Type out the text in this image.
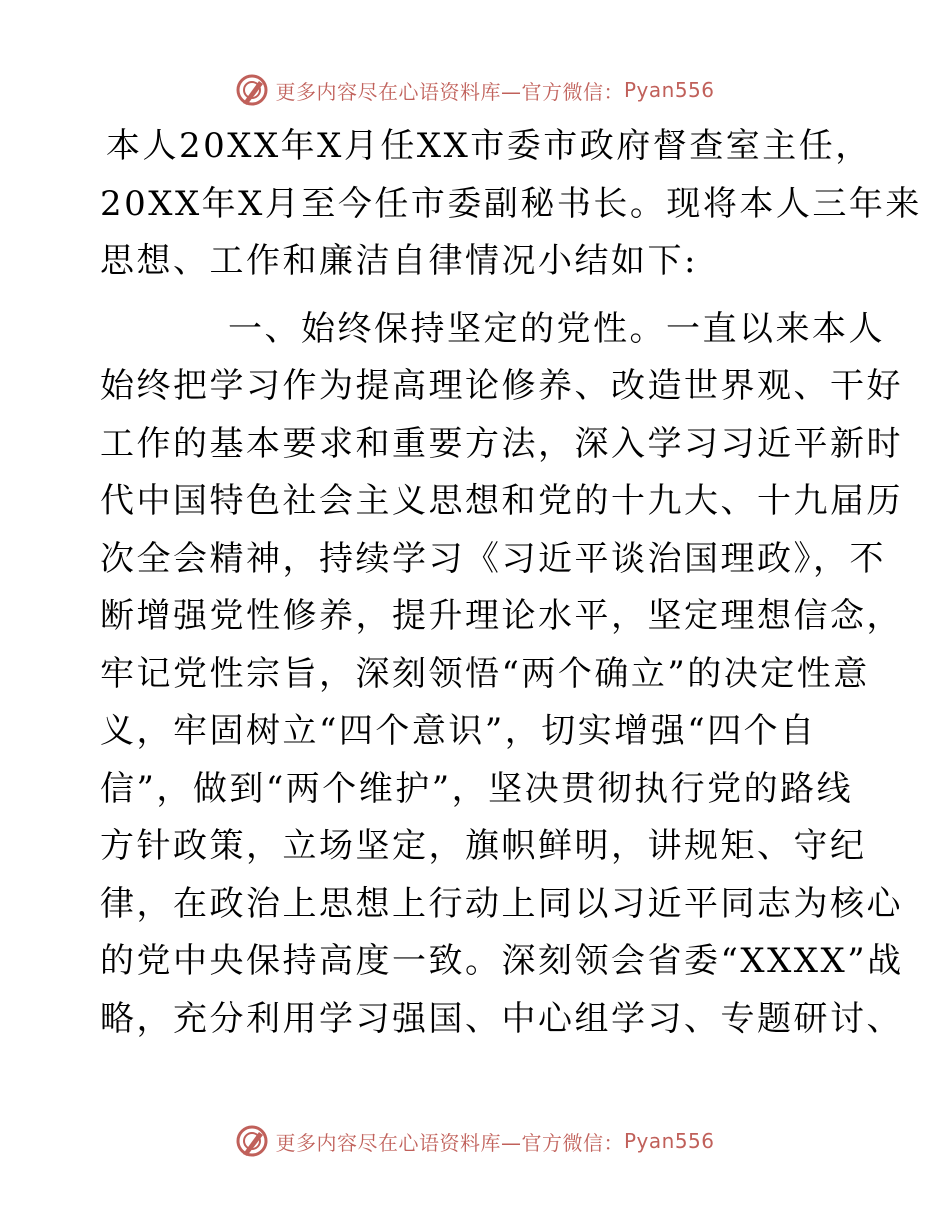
更多内容尽在心语资料库—官方微信： Pyan556
本人20XX年X月任XX市委市政府督查室主任，
20XX年X月至今任市委副秘书长。现将本人三年来
思想、工作和廉洁自律情况小结如下:
一、始终保持坚定的党性。一直以来本人
始终把学习作为提高理论修养、改造世界观、干好
工作的基本要求和重要方法，深入学习习近平新时
代中国特色社会主义思想和党的十九大、十九届历
次全会精神，持续学习《习近平谈治国理政》，不
断增强党性修养，提升理论水平，坚定理想信念，
牢记党性宗旨，深刻领悟“两个确立”的决定性意
义，牢固树立“四个意识”，切实增强“四个自
信”，做到“两个维护”，坚决贯彻执行党的路线
方针政策，立场坚定，旗帜鲜明，讲规矩、守纪
律，在政治上思想上行动上同以习近平同志为核心
的党中央保持高度一致。深刻领会省委“XXXX”战
略，充分利用学习强国、中心组学习、专题研讨、
更多内容尽在心语资料库—官方微信： Pyan556
